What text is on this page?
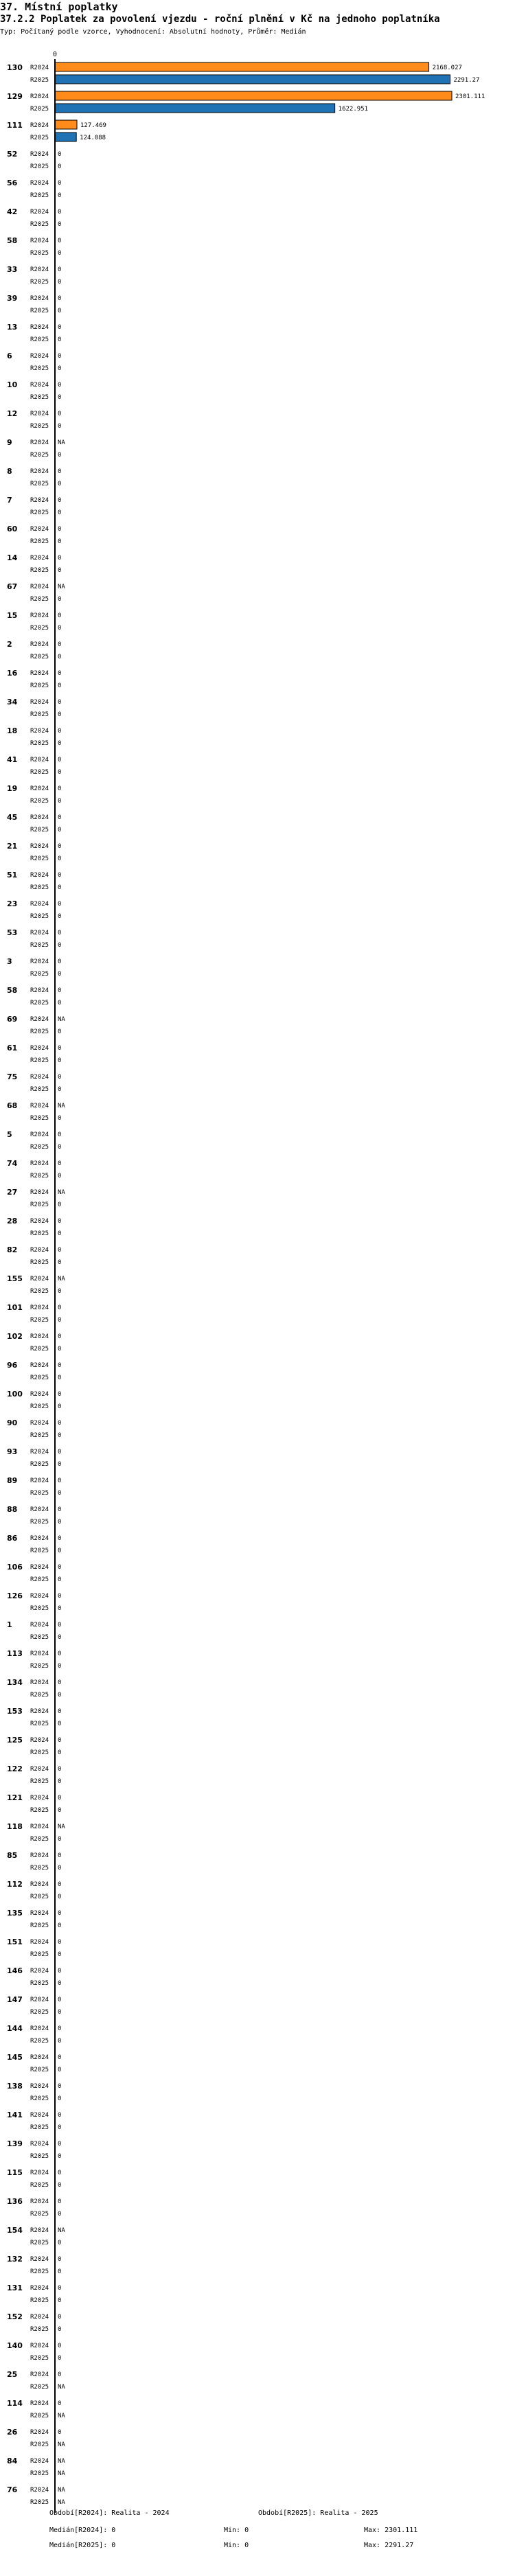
37. Místní poplatky
37.2.2 Poplatek za povolení vjezdu - roční plnění v Kč na jednoho poplatníka
Typ: Počítaný podle vzorce, Vyhodnocení: Absolutní hodnoty, Průměr: Medián
0
130 R2024	2168.027
R2025	2291.27
129 R2024	2301.111
R2025	1622.951
111 R2024	127.469
R2025	124.088
52 R2024 0
R2025 0
56 R2024 0
R2025 0
42 R2024 0
R2025 0
58 R2024 0
R2025 0
33 R2024 0
R2025 0
39 R2024 0
R2025 0
13 R2024 0
R2025 0
6	R2024 0
R2025 0
10 R2024 0
R2025 0
12 R2024 0
R2025 0
9	R2024 NA
R2025 0
8	R2024 0
R2025 0
7	R2024 0
R2025 0
60 R2024 0
R2025 0
14 R2024 0
R2025 0
67 R2024 NA
R2025 0
15 R2024 0
R2025 0
2	R2024 0
R2025 0
16 R2024 0
R2025 0
34 R2024 0
R2025 0
18 R2024 0
R2025 0
41 R2024 0
R2025 0
19 R2024 0
R2025 0
45 R2024 0
R2025 0
21 R2024 0
R2025 0
51 R2024 0
R2025 0
23 R2024 0
R2025 0
53 R2024 0
R2025 0
3	R2024 0
R2025 0
58 R2024 0
R2025 0
69 R2024 NA
R2025 0
61 R2024 0
R2025 0
75 R2024 0
R2025 0
68 R2024 NA
R2025 0
5	R2024 0
R2025 0
74 R2024 0
R2025 0
27 R2024 NA
R2025 0
28 R2024 0
R2025 0
82 R2024 0
R2025 0
155 R2024 NA
R2025 0
101 R2024 0
R2025 0
102 R2024 0
R2025 0
96 R2024 0
R2025 0
100 R2024 0
R2025 0
90 R2024 0
R2025 0
93 R2024 0
R2025 0
89 R2024 0
R2025 0
88 R2024 0
R2025 0
86 R2024 0
R2025 0
106 R2024 0
R2025 0
126 R2024 0
R2025 0
1	R2024 0
R2025 0
113 R2024 0
R2025 0
134 R2024 0
R2025 0
153 R2024 0
R2025 0
125 R2024 0
R2025 0
122 R2024 0
R2025 0
121 R2024 0
R2025 0
118 R2024 NA
R2025 0
85 R2024 0
R2025 0
112 R2024 0
R2025 0
135 R2024 0
R2025 0
151 R2024 0
R2025 0
146 R2024 0
R2025 0
147 R2024 0
R2025 0
144 R2024 0
R2025 0
145 R2024 0
R2025 0
138 R2024 0
R2025 0
141 R2024 0
R2025 0
139 R2024 0
R2025 0
115 R2024 0
R2025 0
136 R2024 0
R2025 0
154 R2024 NA
R2025 0
132 R2024 0
R2025 0
131 R2024 0
R2025 0
152 R2024 0
R2025 0
140 R2024 0
R2025 0
25 R2024 0
R2025 NA
114 R2024 0
R2025 NA
26 R2024 0
R2025 NA
84 R2024 NA
R2025 NA
76 R2024 NA
R2025 NA
Období[R2024]: Realita - 2024	Období[R2025]: Realita - 2025
Medián[R2024]: 0	Min: 0	Max: 2301.111
Medián[R2025]: 0	Min: 0	Max: 2291.27
